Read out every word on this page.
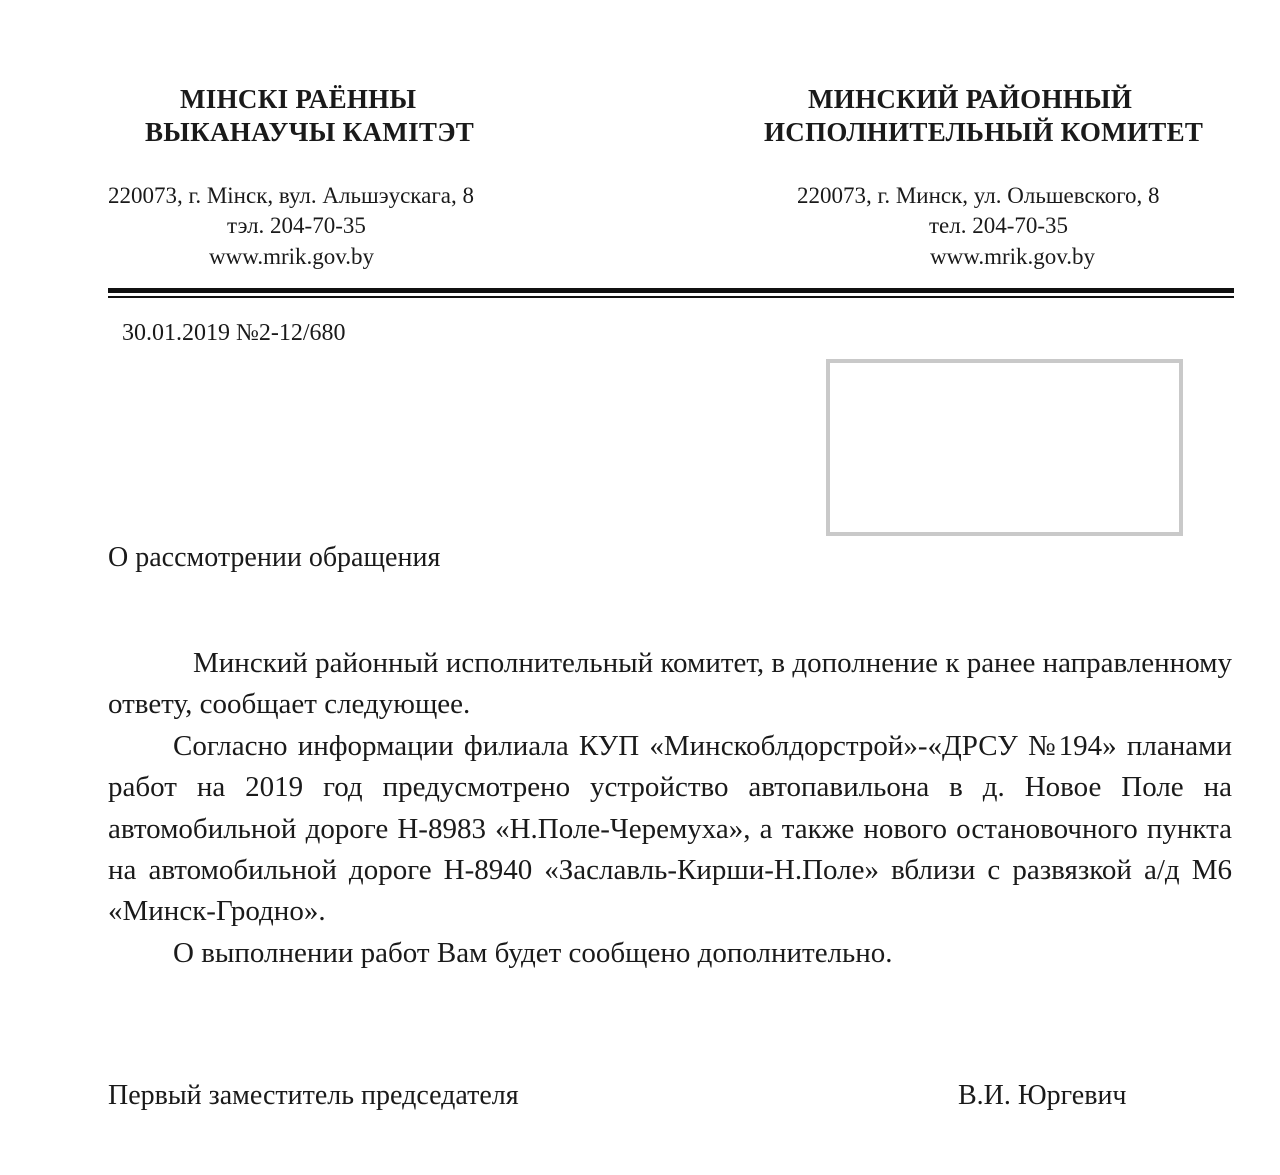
МІНСКІ РАЁННЫ
ВЫКАНАУЧЫ КАМІТЭТ
220073, г. Мінск, вул. Альшэускага, 8
тэл. 204-70-35
www.mrik.gov.by
МИНСКИЙ РАЙОННЫЙ
ИСПОЛНИТЕЛЬНЫЙ КОМИТЕТ
220073, г. Минск, ул. Ольшевского, 8
тел. 204-70-35
www.mrik.gov.by
30.01.2019 №2-12/680
О рассмотрении обращения

Минский районный исполнительный комитет, в дополнение к ранее направленному ответу, сообщает следующее.

Согласно информации филиала КУП «Минскоблдорстрой»-«ДРСУ №194» планами работ на 2019 год предусмотрено устройство автопавильона в д. Новое Поле на автомобильной дороге Н-8983 «Н.Поле-Черемуха», а также нового остановочного пункта на автомобильной дороге Н-8940 «Заславль-Кирши-Н.Поле» вблизи с развязкой а/д М6 «Минск-Гродно».

О выполнении работ Вам будет сообщено дополнительно.

Первый заместитель председателя	В.И. Юргевич
